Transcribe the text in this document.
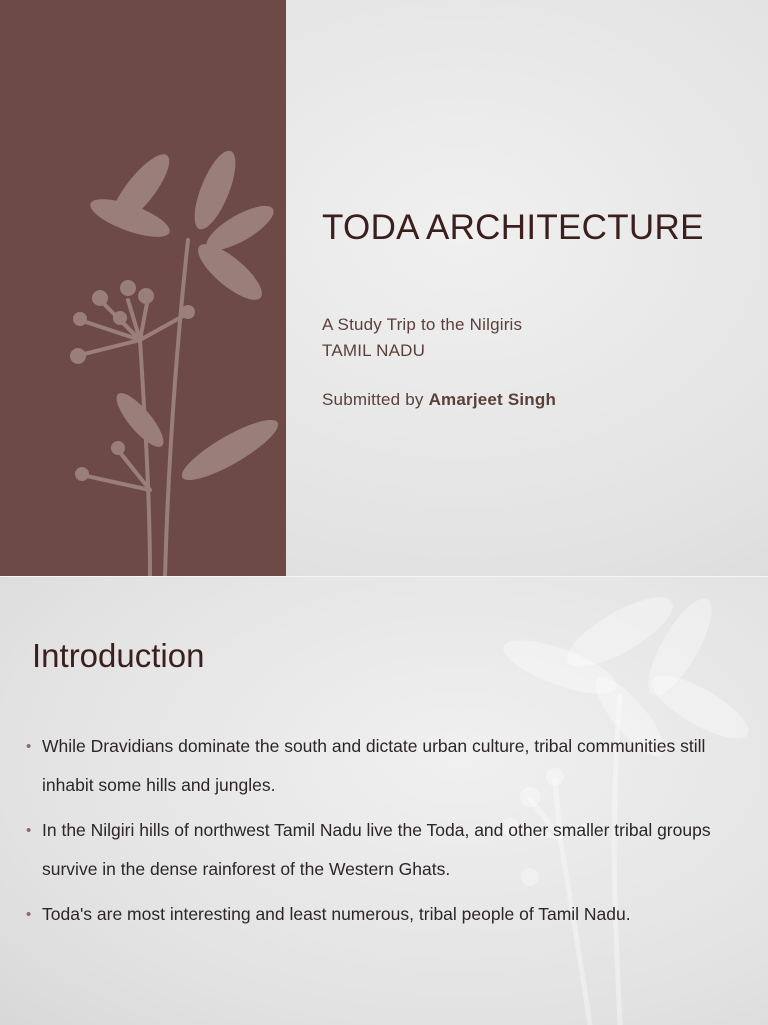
TODA ARCHITECTURE

A Study Trip to the Nilgiris

TAMIL NADU

Submitted by Amarjeet Singh

Introduction
• While Dravidians dominate the south and dictate urban culture, tribal communities still inhabit some hills and jungles.
• In the Nilgiri hills of northwest Tamil Nadu live the Toda, and other smaller tribal groups survive in the dense rainforest of the Western Ghats.
• Toda's are most interesting and least numerous, tribal people of Tamil Nadu.
